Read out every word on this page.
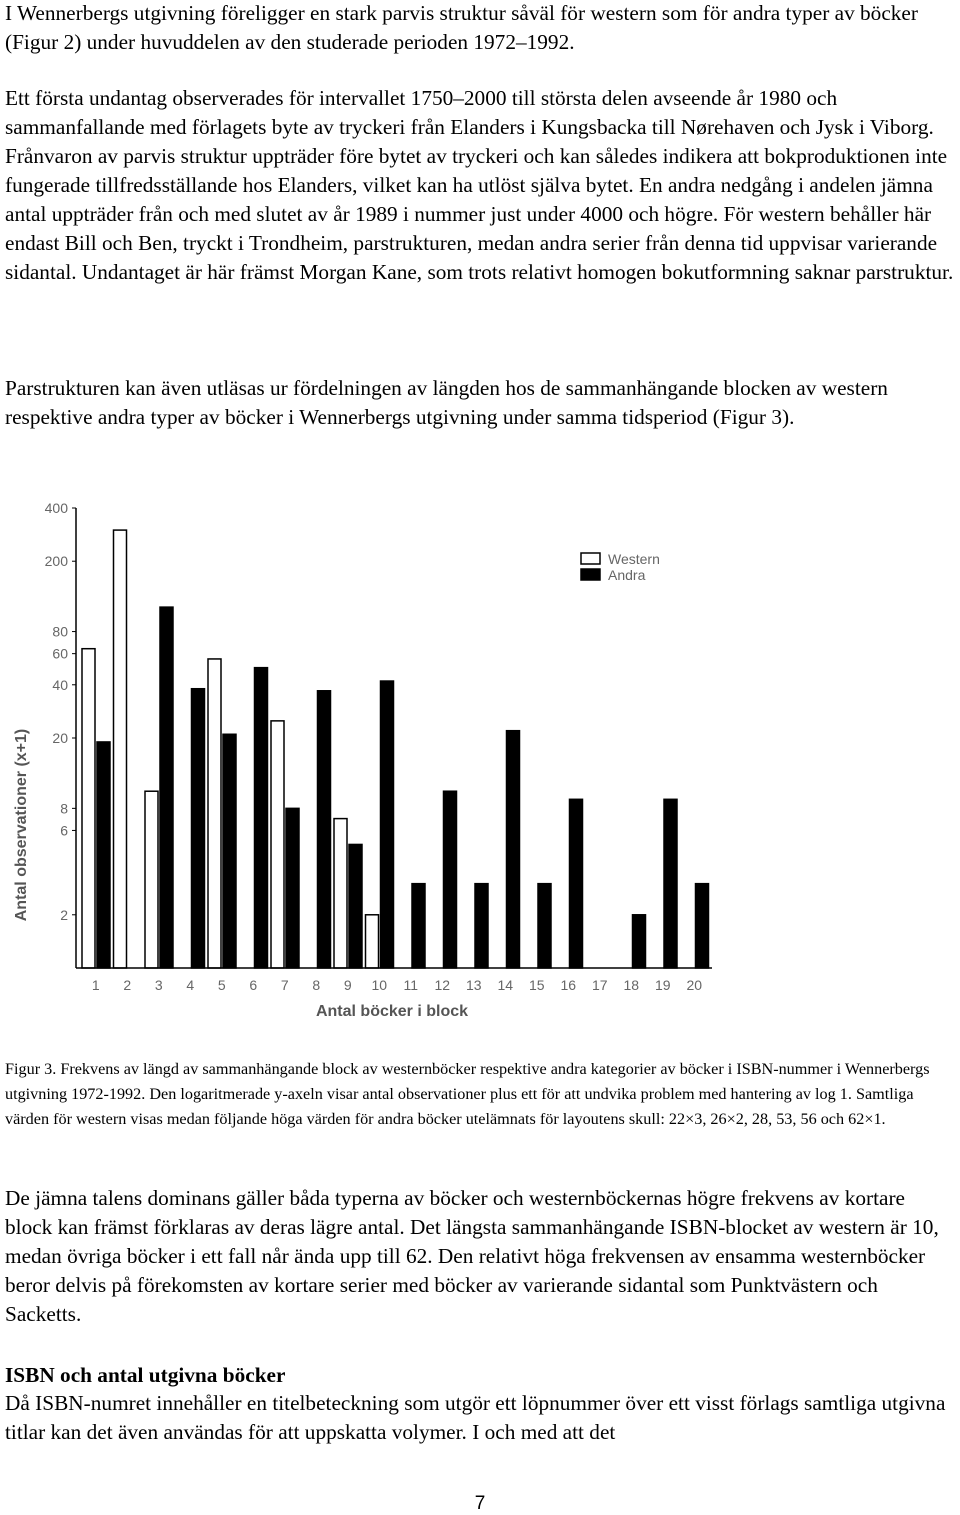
I Wennerbergs utgivning föreligger en stark parvis struktur såväl för western som för andra typer av böcker (Figur 2) under huvuddelen av den studerade perioden 1972–1992.

Ett första undantag observerades för intervallet 1750–2000 till största delen avseende år 1980 och sammanfallande med förlagets byte av tryckeri från Elanders i Kungsbacka till Nørehaven och Jysk i Viborg. Frånvaron av parvis struktur uppträder före bytet av tryckeri och kan således indikera att bokproduktionen inte fungerade tillfredsställande hos Elanders, vilket kan ha utlöst själva bytet. En andra nedgång i andelen jämna antal uppträder från och med slutet av år 1989 i nummer just under 4000 och högre. För western behåller här endast Bill och Ben, tryckt i Trondheim, parstrukturen, medan andra serier från denna tid uppvisar varierande sidantal. Undantaget är här främst Morgan Kane, som trots relativt homogen bokutformning saknar parstruktur.

Parstrukturen kan även utläsas ur fördelningen av längden hos de sammanhängande blocken av western respektive andra typer av böcker i Wennerbergs utgivning under samma tidsperiod (Figur 3).

2
6
8
20
40
60
80
200
400
1 2 3 4 5 6 7 8 9 10 11 12 13 14 15 16 17 18 19 20
Antal observationer (x+1)
Antal böcker i block
Western
Andra

Figur 3. Frekvens av längd av sammanhängande block av westernböcker respektive andra kategorier av böcker i ISBN-nummer i Wennerbergs utgivning 1972-1992. Den logaritmerade y-axeln visar antal observationer plus ett för att undvika problem med hantering av log 1. Samtliga värden för western visas medan följande höga värden för andra böcker utelämnats för layoutens skull: 22×3, 26×2, 28, 53, 56 och 62×1.

De jämna talens dominans gäller båda typerna av böcker och westernböckernas högre frekvens av kortare block kan främst förklaras av deras lägre antal. Det längsta sammanhängande ISBN-blocket av western är 10, medan övriga böcker i ett fall når ända upp till 62. Den relativt höga frekvensen av ensamma westernböcker beror delvis på förekomsten av kortare serier med böcker av varierande sidantal som Punktvästern och Sacketts.

ISBN och antal utgivna böcker

Då ISBN-numret innehåller en titelbeteckning som utgör ett löpnummer över ett visst förlags samtliga utgivna titlar kan det även användas för att uppskatta volymer. I och med att det

7
